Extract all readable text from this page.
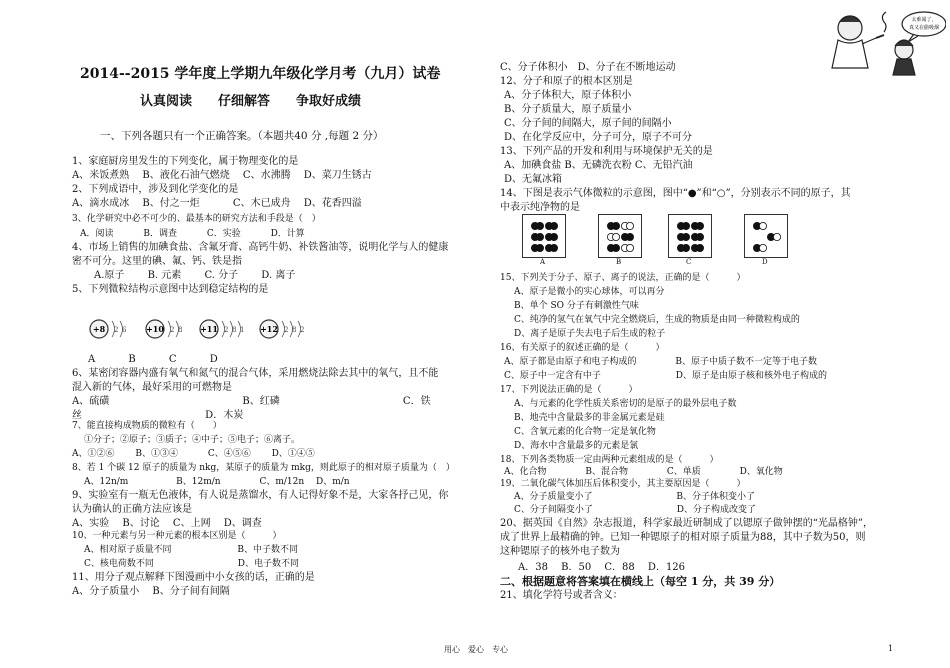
太难闻了，
真又在偷吸烟
2014--2015 学年度上学期九年级化学月考（九月）试卷
认真阅读　　仔细解答　　争取好成绩
一、下列各题只有一个正确答案。（本题共40 分 ,每题 2 分）
1、家庭厨房里发生的下列变化，属于物理变化的是
A、米饭煮熟　 B、液化石油气燃烧　 C、水沸腾　 D、菜刀生锈古
2、下列成语中，涉及到化学变化的是
A、滴水成冰　 B、付之一炬　　　 C、木已成舟　 D、花香四溢
3、化学研究中必不可少的、最基本的研究方法和手段是（　）
A．阅读　　　 B．调查　　　 C．实验　　　 D．计算
4、市场上销售的加碘食盐、含氟牙膏、高钙牛奶、补铁酱油等，说明化学与人的健康
密不可分。这里的碘、氟、钙、铁是指
A.原子　　 B. 元素　　 C. 分子　　 D. 离子
5、下列微粒结构示意图中达到稳定结构的是
A　　　 B　　　 C　　　 D
6、某密闭容器内盛有氧气和氮气的混合气体，采用燃烧法除去其中的氧气，且不能
混入新的气体，最好采用的可燃物是
A、硫磺　　　　　　　　　　　　　 B、红磷　　　　　　　　　　　　 C．铁
丝　　　　　　　　　　　　 D．木炭
7、能直接构成物质的微粒有（　　）
①分子；②原子；③质子；④中子；⑤电子；⑥离子。
A、①②⑥　　 B、①③④　　　 C、④⑤⑥　　 D、①④⑤
8、若 1 个碳 12 原子的质量为 nkg，某原子的质量为 mkg，则此原子的相对原子质量为（　）
A、12n/m　　　　　 B、12m/n　　　　 C、m/12n　 D、m/n
9、实验室有一瓶无色液体，有人说是蒸馏水，有人记得好象不是，大家各抒己见，你
认为确认的正确方法应该是
A、实验　 B、讨论　 C、上网　 D、调查
10、一种元素与另一种元素的根本区别是（　　　）
A、相对原子质量不同　　　　　　　 B、中子数不同
C、核电荷数不同　　　　　　　　　 D、电子数不同
11、用分子观点解释下图漫画中小女孩的话，正确的是
A、分子质量小　 B、分子间有间隔
+8 2 6 +10 2 8 +11 2 8 1 +12 2 8 2
C、分子体积小　D、分子在不断地运动
12、分子和原子的根本区别是
A、分子体积大，原子体积小
B、分子质量大，原子质量小
C、分子间的间隔大，原子间的间隔小
D、在化学反应中，分子可分，原子不可分
13、下列产品的开发和利用与环境保护无关的是
A、加碘食盐 B、无磷洗衣粉 C、无铅汽油
D、无氟冰箱
14、下图是表示气体微粒的示意图，图中“●”和“○”，分别表示不同的原子，其
中表示纯净物的是
15、下列关于分子、原子、离子的说法，正确的是（　　　）
A、原子是微小的实心球体，可以再分
B、单个 SO 分子有刺激性气味
C、纯净的氢气在氧气中完全燃烧后，生成的物质是由同一种微粒构成的
D、离子是原子失去电子后生成的粒子
16、有关原子的叙述正确的是（　　　）
A、原子都是由原子和电子构成的　　　　 B、原子中质子数不一定等于电子数
C、原子中一定含有中子　　　　　　　　 D、原子是由原子核和核外电子构成的
17、下列说法正确的是（　　　）
A、与元素的化学性质关系密切的是原子的最外层电子数
B、地壳中含量最多的非金属元素是硅
C、含氧元素的化合物一定是氧化物
D、海水中含量最多的元素是氯
18、下列各类物质一定由两种元素组成的是（　　　）
A、化合物　　　　 B、混合物　　　　 C、单质　　　　 D、氧化物
19、二氧化碳气体加压后体积变小，其主要原因是（　　　）
A、分子质量变小了　　　　　　　　　 B、分子体积变小了
C、分子间隔变小了　　　　　　　　　 D、分子构成改变了
20、据英国《自然》杂志报道，科学家最近研制成了以锶原子做钟摆的“光晶格钟”，
成了世界上最精确的钟。已知一种锶原子的相对原子质量为88，其中子数为50，则
这种锶原子的核外电子数为
A．38　 B．50　 C．88　 D．126
二、根据题意将答案填在横线上（每空 1 分，共 39 分）
21、填化学符号或者含义：
A	B	C	D
用心　爱心　专心	1
